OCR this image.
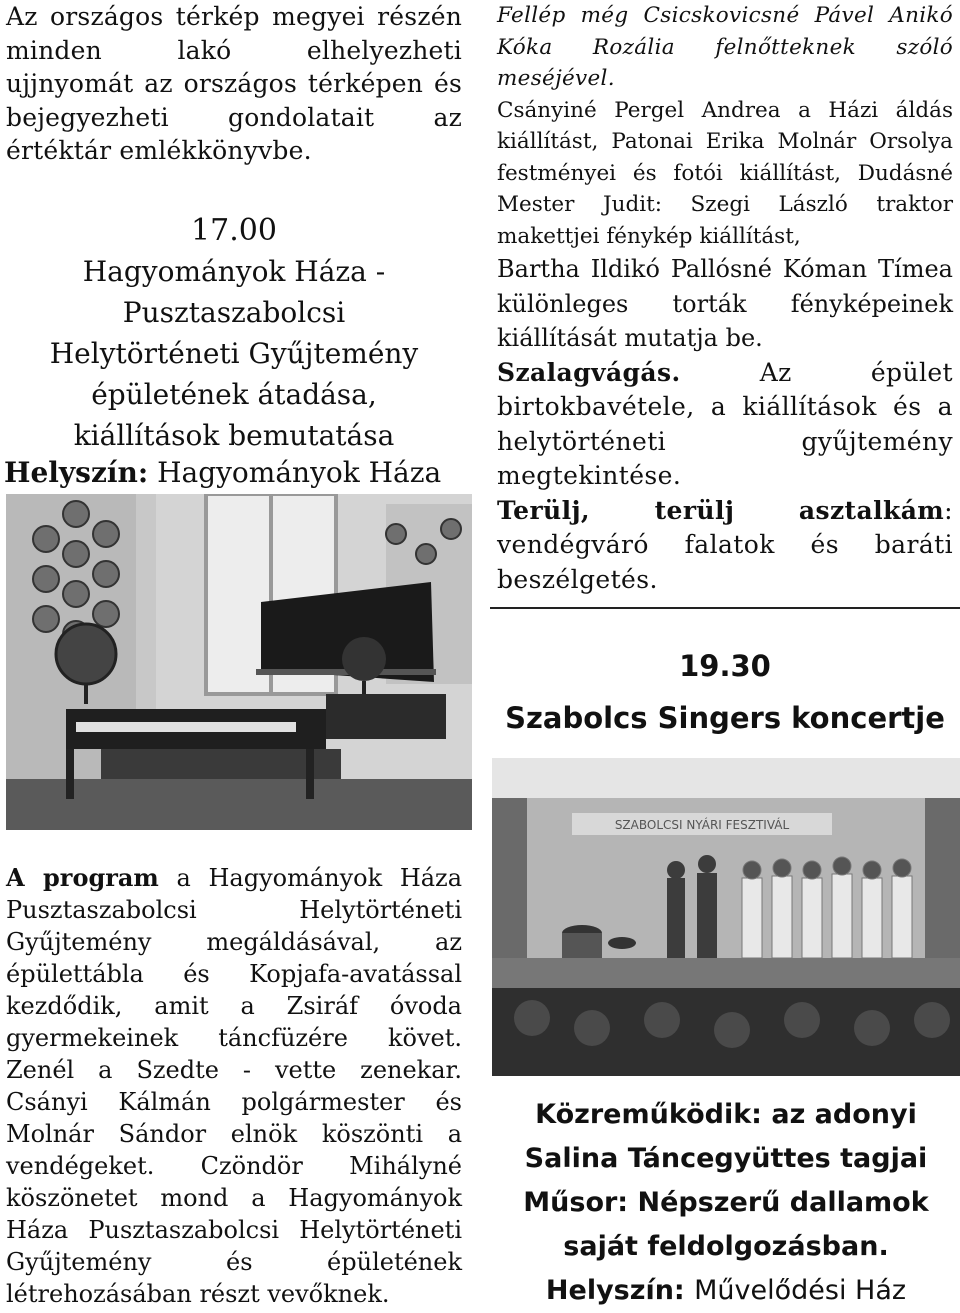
Az országos térkép megyei részén minden lakó elhelyezheti ujjnyomát az országos térképen és bejegyezheti gondolatait az értéktár emlékkönyvbe.
17.00
Hagyományok Háza -
Pusztaszabolcsi
Helytörténeti Gyűjtemény
épületének átadása,
kiállítások bemutatása
Helyszín: Hagyományok Háza
Fellép még Csicskovicsné Pável Anikó Kóka Rozália felnőtteknek szóló meséjével.
Csányiné Pergel Andrea a Házi áldás kiállítást, Patonai Erika Molnár Orsolya festményei és fotói kiállítást, Dudásné Mester Judit: Szegi László traktor makettjei fénykép kiállítást,
Bartha Ildikó Pallósné Kóman Tímea különleges torták fényképeinek kiállítását mutatja be.
Szalagvágás.	Az épület birtokbavétele, a kiállítások és a helytörténeti gyűjtemény megtekintése.
Terülj, terülj asztalkám: vendégváró falatok és baráti beszélgetés.
19.30
Szabolcs Singers koncertje
SZABOLCSI NYÁRI FESZTIVÁL
A program a Hagyományok Háza Pusztaszabolcsi Helytörténeti Gyűjtemény megáldásával, az épülettábla és Kopjafa-avatással kezdődik, amit a Zsiráf óvoda gyermekeinek táncfüzére követ. Zenél a Szedte - vette zenekar. Csányi Kálmán polgármester és Molnár Sándor elnök köszönti a vendégeket. Czöndör Mihályné köszönetet mond a Hagyományok Háza Pusztaszabolcsi Helytörténeti Gyűjtemény és épületének létrehozásában részt vevőknek.
Közreműködik: az adonyi
Salina Táncegyüttes tagjai
Műsor: Népszerű dallamok
saját feldolgozásban.
Helyszín: Művelődési Ház
